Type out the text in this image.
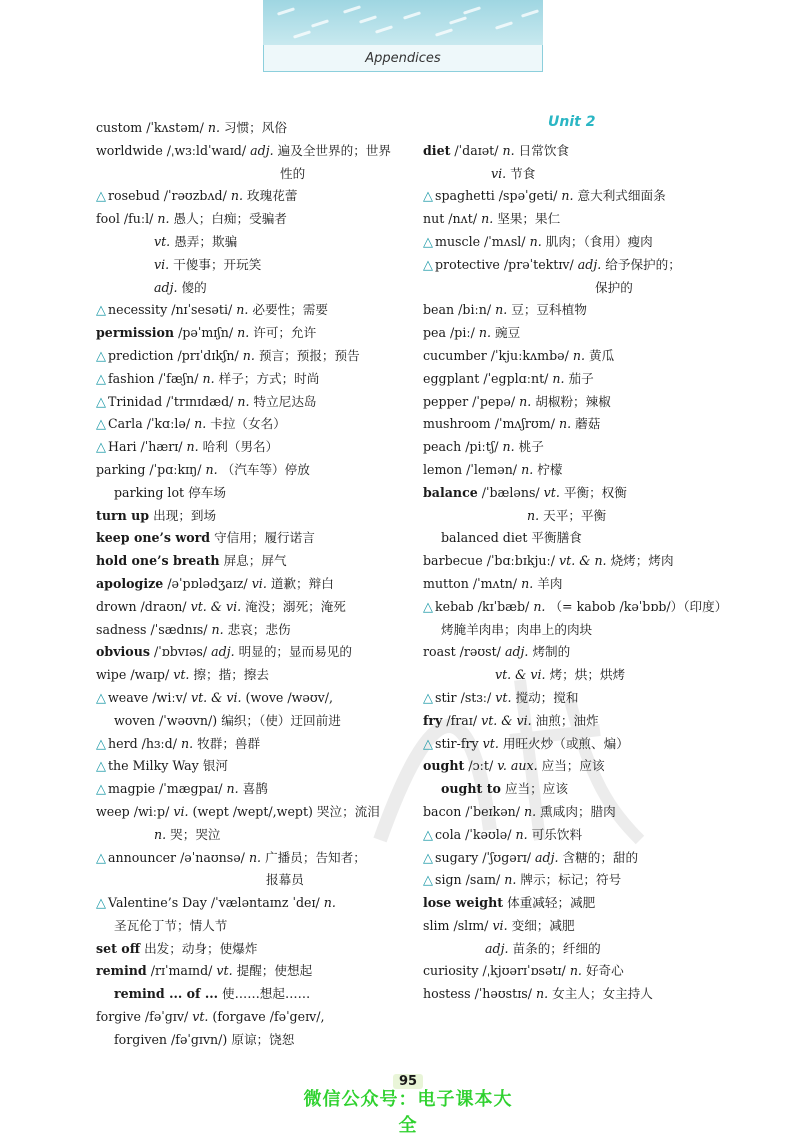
Appendices
Unit 2
custom /ˈkʌstəm/ n. 习惯；风俗
worldwide /ˌwɜːldˈwaɪd/ adj. 遍及全世界的；世界
性的
△ rosebud /ˈrəʊzbʌd/ n. 玫瑰花蕾
fool /fuːl/ n. 愚人；白痴；受骗者
vt. 愚弄；欺骗
vi. 干傻事；开玩笑
adj. 傻的
△ necessity /nɪˈsesəti/ n. 必要性；需要
permission /pəˈmɪʃn/ n. 许可；允许
△ prediction /prɪˈdɪkʃn/ n. 预言；预报；预告
△ fashion /ˈfæʃn/ n. 样子；方式；时尚
△ Trinidad /ˈtrɪnɪdæd/ n. 特立尼达岛
△ Carla /ˈkɑːlə/ n. 卡拉（女名）
△ Hari /ˈhærɪ/ n. 哈利（男名）
parking /ˈpɑːkɪŋ/ n. （汽车等）停放
parking lot 停车场
turn up 出现；到场
keep one’s word 守信用；履行诺言
hold one’s breath 屏息；屏气
apologize /əˈpɒlədʒaɪz/ vi. 道歉；辩白
drown /draʊn/ vt. & vi. 淹没；溺死；淹死
sadness /ˈsædnɪs/ n. 悲哀；悲伤
obvious /ˈɒbvɪəs/ adj. 明显的；显而易见的
wipe /waɪp/ vt. 擦；揩；擦去
△ weave /wiːv/ vt. & vi. (wove /wəʊv/,
woven /ˈwəʊvn/) 编织；（使）迂回前进
△ herd /hɜːd/ n. 牧群；兽群
△ the Milky Way 银河
△ magpie /ˈmægpaɪ/ n. 喜鹊
weep /wiːp/ vi. (wept /wept/,wept) 哭泣；流泪
n. 哭；哭泣
△ announcer /əˈnaʊnsə/ n. 广播员；告知者；
报幕员
△ Valentine’s Day /ˈvæləntaɪnz ˈdeɪ/ n.
圣瓦伦丁节；情人节
set off 出发；动身；使爆炸
remind /rɪˈmaɪnd/ vt. 提醒；使想起
remind ... of ... 使……想起……
forgive /fəˈgɪv/ vt. (forgave /fəˈgeɪv/,
forgiven /fəˈgɪvn/) 原谅；饶恕
diet /ˈdaɪət/ n. 日常饮食
vi. 节食
△ spaghetti /spəˈgeti/ n. 意大利式细面条
nut /nʌt/ n. 坚果；果仁
△ muscle /ˈmʌsl/ n. 肌肉；（食用）瘦肉
△ protective /prəˈtektɪv/ adj. 给予保护的；
保护的
bean /biːn/ n. 豆；豆科植物
pea /piː/ n. 豌豆
cucumber /ˈkjuːkʌmbə/ n. 黄瓜
eggplant /ˈegplɑːnt/ n. 茄子
pepper /ˈpepə/ n. 胡椒粉；辣椒
mushroom /ˈmʌʃrʊm/ n. 蘑菇
peach /piːtʃ/ n. 桃子
lemon /ˈlemən/ n. 柠檬
balance /ˈbæləns/ vt. 平衡；权衡
n. 天平；平衡
balanced diet 平衡膳食
barbecue /ˈbɑːbɪkjuː/ vt. & n. 烧烤；烤肉
mutton /ˈmʌtn/ n. 羊肉
△ kebab /kɪˈbæb/ n. （= kabob /kəˈbɒb/）（印度）
烤腌羊肉串；肉串上的肉块
roast /rəʊst/ adj. 烤制的
vt. & vi. 烤；烘；烘烤
△ stir /stɜː/ vt. 搅动；搅和
fry /fraɪ/ vt. & vi. 油煎；油炸
△ stir-fry vt. 用旺火炒（或煎、煸）
ought /ɔːt/ v. aux. 应当；应该
ought to 应当；应该
bacon /ˈbeɪkən/ n. 熏咸肉；腊肉
△ cola /ˈkəʊlə/ n. 可乐饮料
△ sugary /ˈʃʊgərɪ/ adj. 含糖的；甜的
△ sign /saɪn/ n. 牌示；标记；符号
lose weight 体重减轻；减肥
slim /slɪm/ vi. 变细；减肥
adj. 苗条的；纤细的
curiosity /ˌkjʊərɪˈɒsətɪ/ n. 好奇心
hostess /ˈhəʊstɪs/ n. 女主人；女主持人
95
微信公众号：电子课本大全
